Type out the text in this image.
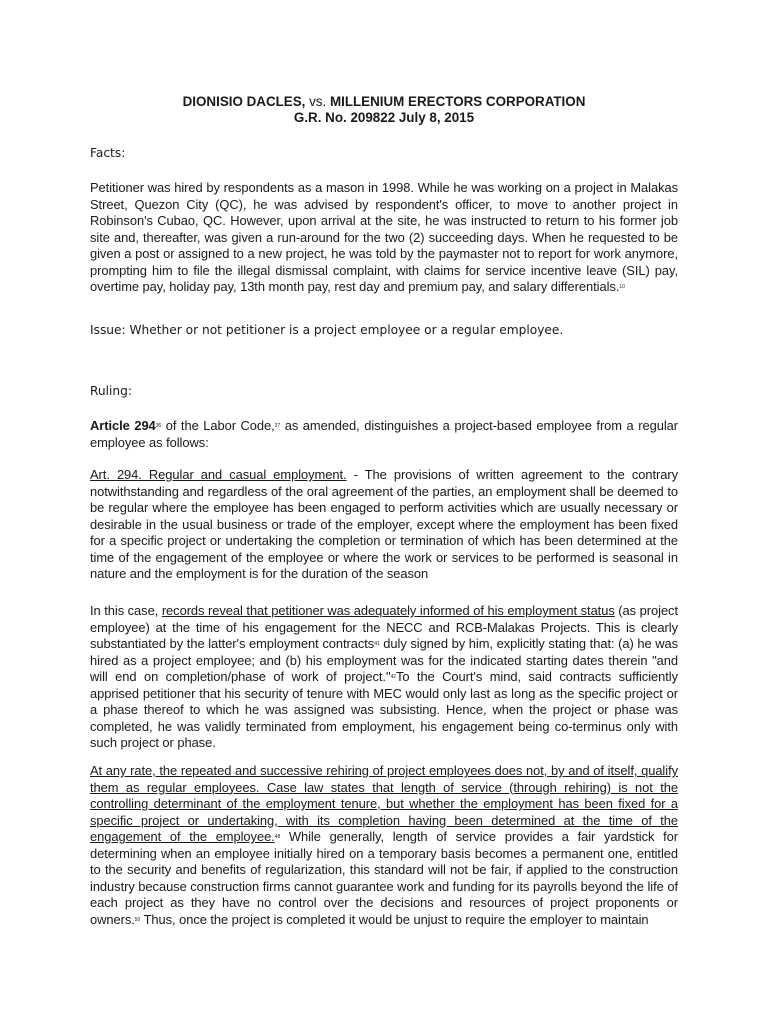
DIONISIO DACLES, vs. MILLENIUM ERECTORS CORPORATION
G.R. No. 209822 July 8, 2015
Facts:
Petitioner was hired by respondents as a mason in 1998. While he was working on a project in Malakas Street, Quezon City (QC), he was advised by respondent's officer, to move to another project in Robinson's Cubao, QC. However, upon arrival at the site, he was instructed to return to his former job site and, thereafter, was given a run-around for the two (2) succeeding days. When he requested to be given a post or assigned to a new project, he was told by the paymaster not to report for work anymore, prompting him to file the illegal dismissal complaint, with claims for service incentive leave (SIL) pay, overtime pay, holiday pay, 13th month pay, rest day and premium pay, and salary differentials.$^{10}$
Issue: Whether or not petitioner is a project employee or a regular employee.
Ruling:
Article $294^{36}$ of the Labor Code,$^{37}$ as amended, distinguishes a project-based employee from a regular employee as follows:
Art. 294. Regular and casual employment. - The provisions of written agreement to the contrary notwithstanding and regardless of the oral agreement of the parties, an employment shall be deemed to be regular where the employee has been engaged to perform activities which are usually necessary or desirable in the usual business or trade of the employer, except where the employment has been fixed for a specific project or undertaking the completion or termination of which has been determined at the time of the engagement of the employee or where the work or services to be performed is seasonal in nature and the employment is for the duration of the season
In this case, records reveal that petitioner was adequately informed of his employment status (as project employee) at the time of his engagement for the NECC and RCB-Malakas Projects. This is clearly substantiated by the latter's employment contracts$^{41}$ duly signed by him, explicitly stating that: (a) he was hired as a project employee; and (b) his employment was for the indicated starting dates therein "and will end on completion/phase of work of project."$^{42}$To the Court's mind, said contracts sufficiently apprised petitioner that his security of tenure with MEC would only last as long as the specific project or a phase thereof to which he was assigned was subsisting. Hence, when the project or phase was completed, he was validly terminated from employment, his engagement being co-terminus only with such project or phase.
At any rate, the repeated and successive rehiring of project employees does not, by and of itself, qualify them as regular employees. Case law states that length of service (through rehiring) is not the controlling determinant of the employment tenure, but whether the employment has been fixed for a specific project or undertaking, with its completion having been determined at the time of the engagement of the employee.$^{48}$ While generally, length of service provides a fair yardstick for determining when an employee initially hired on a temporary basis becomes a permanent one, entitled to the security and benefits of regularization, this standard will not be fair, if applied to the construction industry because construction firms cannot guarantee work and funding for its payrolls beyond the life of each project as they have no control over the decisions and resources of project proponents or owners.$^{50}$ Thus, once the project is completed it would be unjust to require the employer to maintain
